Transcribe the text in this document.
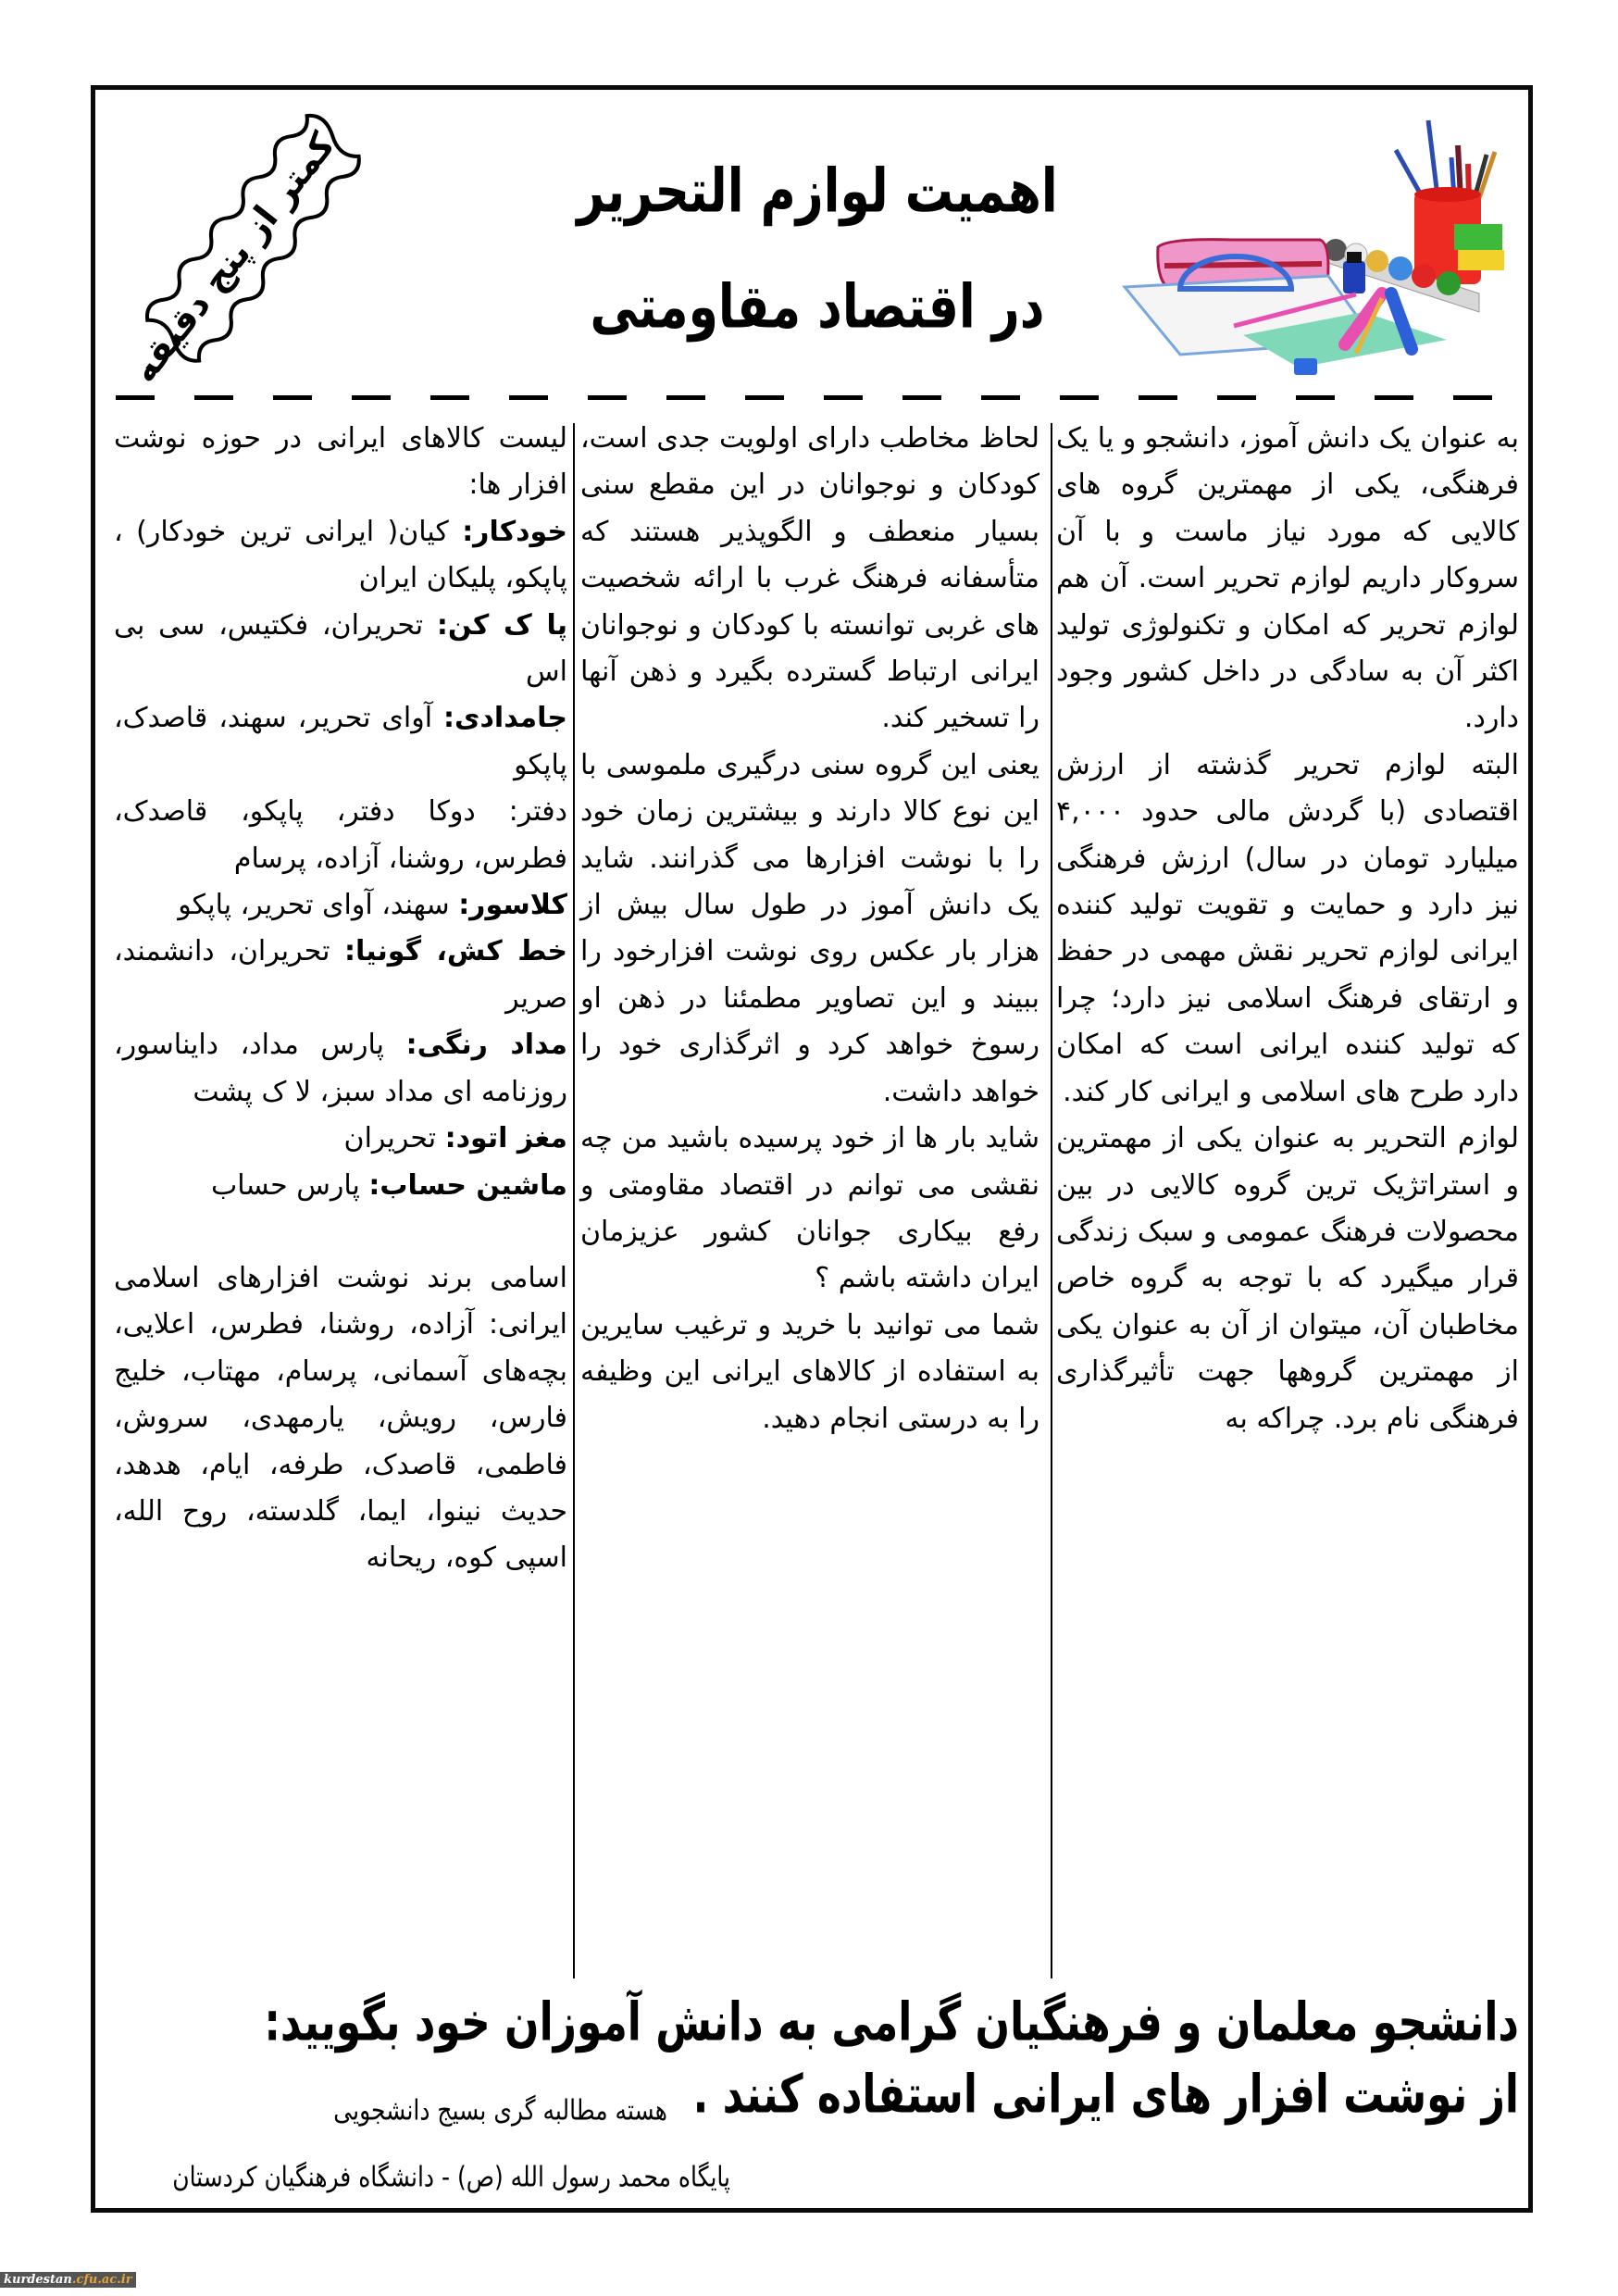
کمتر از پنج دقیقه	اهمیت لوازم التحریر
در اقتصاد مقاومتی

به عنوان یک دانش آموز، دانشجو و یا یک فرهنگی، یکی از مهمترین گروه های کالایی که مورد نیاز ماست و با آن سروکار داریم لوازم تحریر است. آن هم لوازم تحریر که امکان و تکنولوژی تولید اکثر آن به سادگی در داخل کشور وجود دارد.

البته لوازم تحریر گذشته از ارزش اقتصادی (با گردش مالی حدود ۴,۰۰۰ میلیارد تومان در سال) ارزش فرهنگی نیز دارد و حمایت و تقویت تولید کننده ایرانی لوازم تحریر نقش مهمی در حفظ و ارتقای فرهنگ اسلامی نیز دارد؛ چرا که تولید کننده ایرانی است که امکان دارد طرح های اسلامی و ایرانی کار کند.

لوازم التحریر به عنوان یکی از مهمترین و استراتژیک ترین گروه کالایی در بین محصولات فرهنگ عمومی و سبک زندگی قرار میگیرد که با توجه به گروه خاص مخاطبان آن، میتوان از آن به عنوان یکی از مهمترین گروهها جهت تأثیرگذاری فرهنگی نام برد. چراکه به

لحاظ مخاطب دارای اولویت جدی است، کودکان و نوجوانان در این مقطع سنی بسیار منعطف و الگوپذیر هستند که متأسفانه فرهنگ غرب با ارائه شخصیت های غربی توانسته با کودکان و نوجوانان ایرانی ارتباط گسترده بگیرد و ذهن آنها را تسخیر کند.

یعنی این گروه سنی درگیری ملموسی با این نوع کالا دارند و بیشترین زمان خود را با نوشت افزارها می گذرانند. شاید یک دانش آموز در طول سال بیش از هزار بار عکس روی نوشت افزارخود را ببیند و این تصاویر مطمئنا در ذهن او رسوخ خواهد کرد و اثرگذاری خود را خواهد داشت.

شاید بار ها از خود پرسیده باشید من چه نقشی می توانم در اقتصاد مقاومتی و رفع بیکاری جوانان کشور عزیزمان ایران داشته باشم ؟

شما می توانید با خرید و ترغیب سایرین به استفاده از کالاهای ایرانی این وظیفه را به درستی انجام دهید.

لیست کالاهای ایرانی در حوزه نوشت افزار ها:

خودکار: کیان( ایرانی ترین خودکار) ، پاپکو، پلیکان ایران

پا ک کن: تحریران، فکتیس، سی بی اس

جامدادی: آوای تحریر، سهند، قاصدک، پاپکو

دفتر: دوکا دفتر، پاپکو، قاصدک، فطرس، روشنا، آزاده، پرسام

کلاسور: سهند، آوای تحریر، پاپکو

خط کش، گونیا: تحریران، دانشمند، صریر

مداد رنگی: پارس مداد، دایناسور، روزنامه ای مداد سبز، لا ک پشت

مغز اتود: تحریران

ماشین حساب: پارس حساب

اسامی برند نوشت افزارهای اسلامی ایرانی: آزاده، روشنا، فطرس، اعلایی، بچه‌های آسمانی، پرسام، مهتاب، خلیج فارس، رویش، یارمهدی، سروش، فاطمی، قاصدک، طرفه، ایام، هدهد، حدیث نینوا، ایما، گلدسته، روح الله، اسپی کوه، ریحانه

دانشجو معلمان و فرهنگیان گرامی به دانش آموزان خود بگویید:
از نوشت افزار های ایرانی استفاده کنند .
هسته مطالبه گری بسیج دانشجویی
پایگاه محمد رسول الله (ص) - دانشگاه فرهنگیان کردستان
kurdestan.cfu.ac.ir
